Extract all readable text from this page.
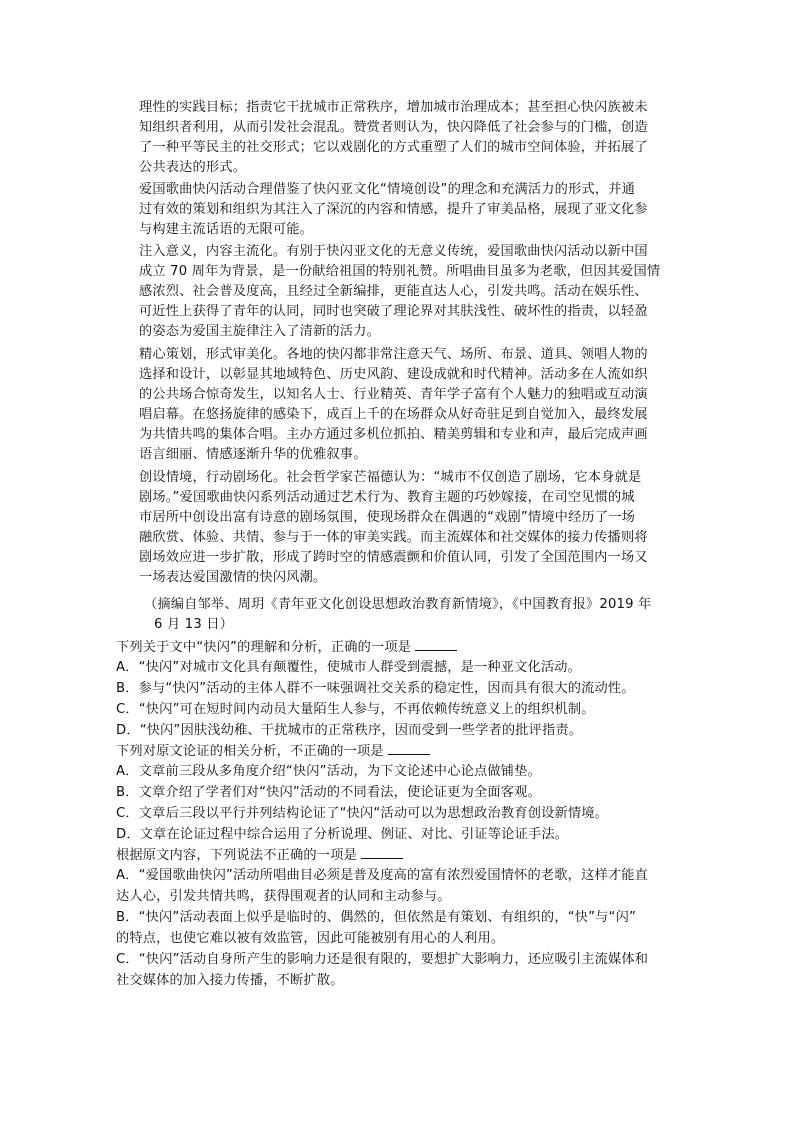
理性的实践目标；指责它干扰城市正常秩序，增加城市治理成本；甚至担心快闪族被未
知组织者利用，从而引发社会混乱。赞赏者则认为，快闪降低了社会参与的门槛，创造
了一种平等民主的社交形式；它以戏剧化的方式重塑了人们的城市空间体验，并拓展了
公共表达的形式。
爱国歌曲快闪活动合理借鉴了快闪亚文化“情境创设”的理念和充满活力的形式，并通
过有效的策划和组织为其注入了深沉的内容和情感，提升了审美品格，展现了亚文化参
与构建主流话语的无限可能。
注入意义，内容主流化。有别于快闪亚文化的无意义传统，爱国歌曲快闪活动以新中国
成立 70 周年为背景，是一份献给祖国的特别礼赞。所唱曲目虽多为老歌，但因其爱国情
感浓烈、社会普及度高，且经过全新编排，更能直达人心，引发共鸣。活动在娱乐性、
可近性上获得了青年的认同，同时也突破了理论界对其肤浅性、破坏性的指责，以轻盈
的姿态为爱国主旋律注入了清新的活力。
精心策划，形式审美化。各地的快闪都非常注意天气、场所、布景、道具、领唱人物的
选择和设计，以彰显其地域特色、历史风韵、建设成就和时代精神。活动多在人流如织
的公共场合惊奇发生，以知名人士、行业精英、青年学子富有个人魅力的独唱或互动演
唱启幕。在悠扬旋律的感染下，成百上千的在场群众从好奇驻足到自觉加入，最终发展
为共情共鸣的集体合唱。主办方通过多机位抓拍、精美剪辑和专业和声，最后完成声画
语言细丽、情感逐渐升华的优雅叙事。
创设情境，行动剧场化。社会哲学家芒福德认为：“城市不仅创造了剧场，它本身就是
剧场。”爱国歌曲快闪系列活动通过艺术行为、教育主题的巧妙嫁接，在司空见惯的城
市居所中创设出富有诗意的剧场氛围，使现场群众在偶遇的“戏剧”情境中经历了一场
融欣赏、体验、共情、参与于一体的审美实践。而主流媒体和社交媒体的接力传播则将
剧场效应进一步扩散，形成了跨时空的情感震颤和价值认同，引发了全国范围内一场又
一场表达爱国激情的快闪风潮。
（摘编自邹举、周玥《青年亚文化创设思想政治教育新情境》，《中国教育报》2019 年
6 月 13 日）
下列关于文中“快闪”的理解和分析，正确的一项是
A．“快闪”对城市文化具有颠覆性，使城市人群受到震撼，是一种亚文化活动。
B．参与“快闪”活动的主体人群不一味强调社交关系的稳定性，因而具有很大的流动性。
C．“快闪”可在短时间内动员大量陌生人参与，不再依赖传统意义上的组织机制。
D．“快闪”因肤浅幼稚、干扰城市的正常秩序，因而受到一些学者的批评指责。
下列对原文论证的相关分析，不正确的一项是
A．文章前三段从多角度介绍“快闪”活动，为下文论述中心论点做铺垫。
B．文章介绍了学者们对“快闪”活动的不同看法，使论证更为全面客观。
C．文章后三段以平行并列结构论证了“快闪“活动可以为思想政治教育创设新情境。
D．文章在论证过程中综合运用了分析说理、例证、对比、引证等论证手法。
根据原文内容，下列说法不正确的一项是
A．“爱国歌曲快闪”活动所唱曲目必须是普及度高的富有浓烈爱国情怀的老歌，这样才能直
达人心，引发共情共鸣，获得围观者的认同和主动参与。
B．“快闪”活动表面上似乎是临时的、偶然的，但依然是有策划、有组织的，“快”与“闪”
的特点，也使它难以被有效监管，因此可能被别有用心的人利用。
C．“快闪”活动自身所产生的影响力还是很有限的，要想扩大影响力，还应吸引主流媒体和
社交媒体的加入接力传播，不断扩散。
